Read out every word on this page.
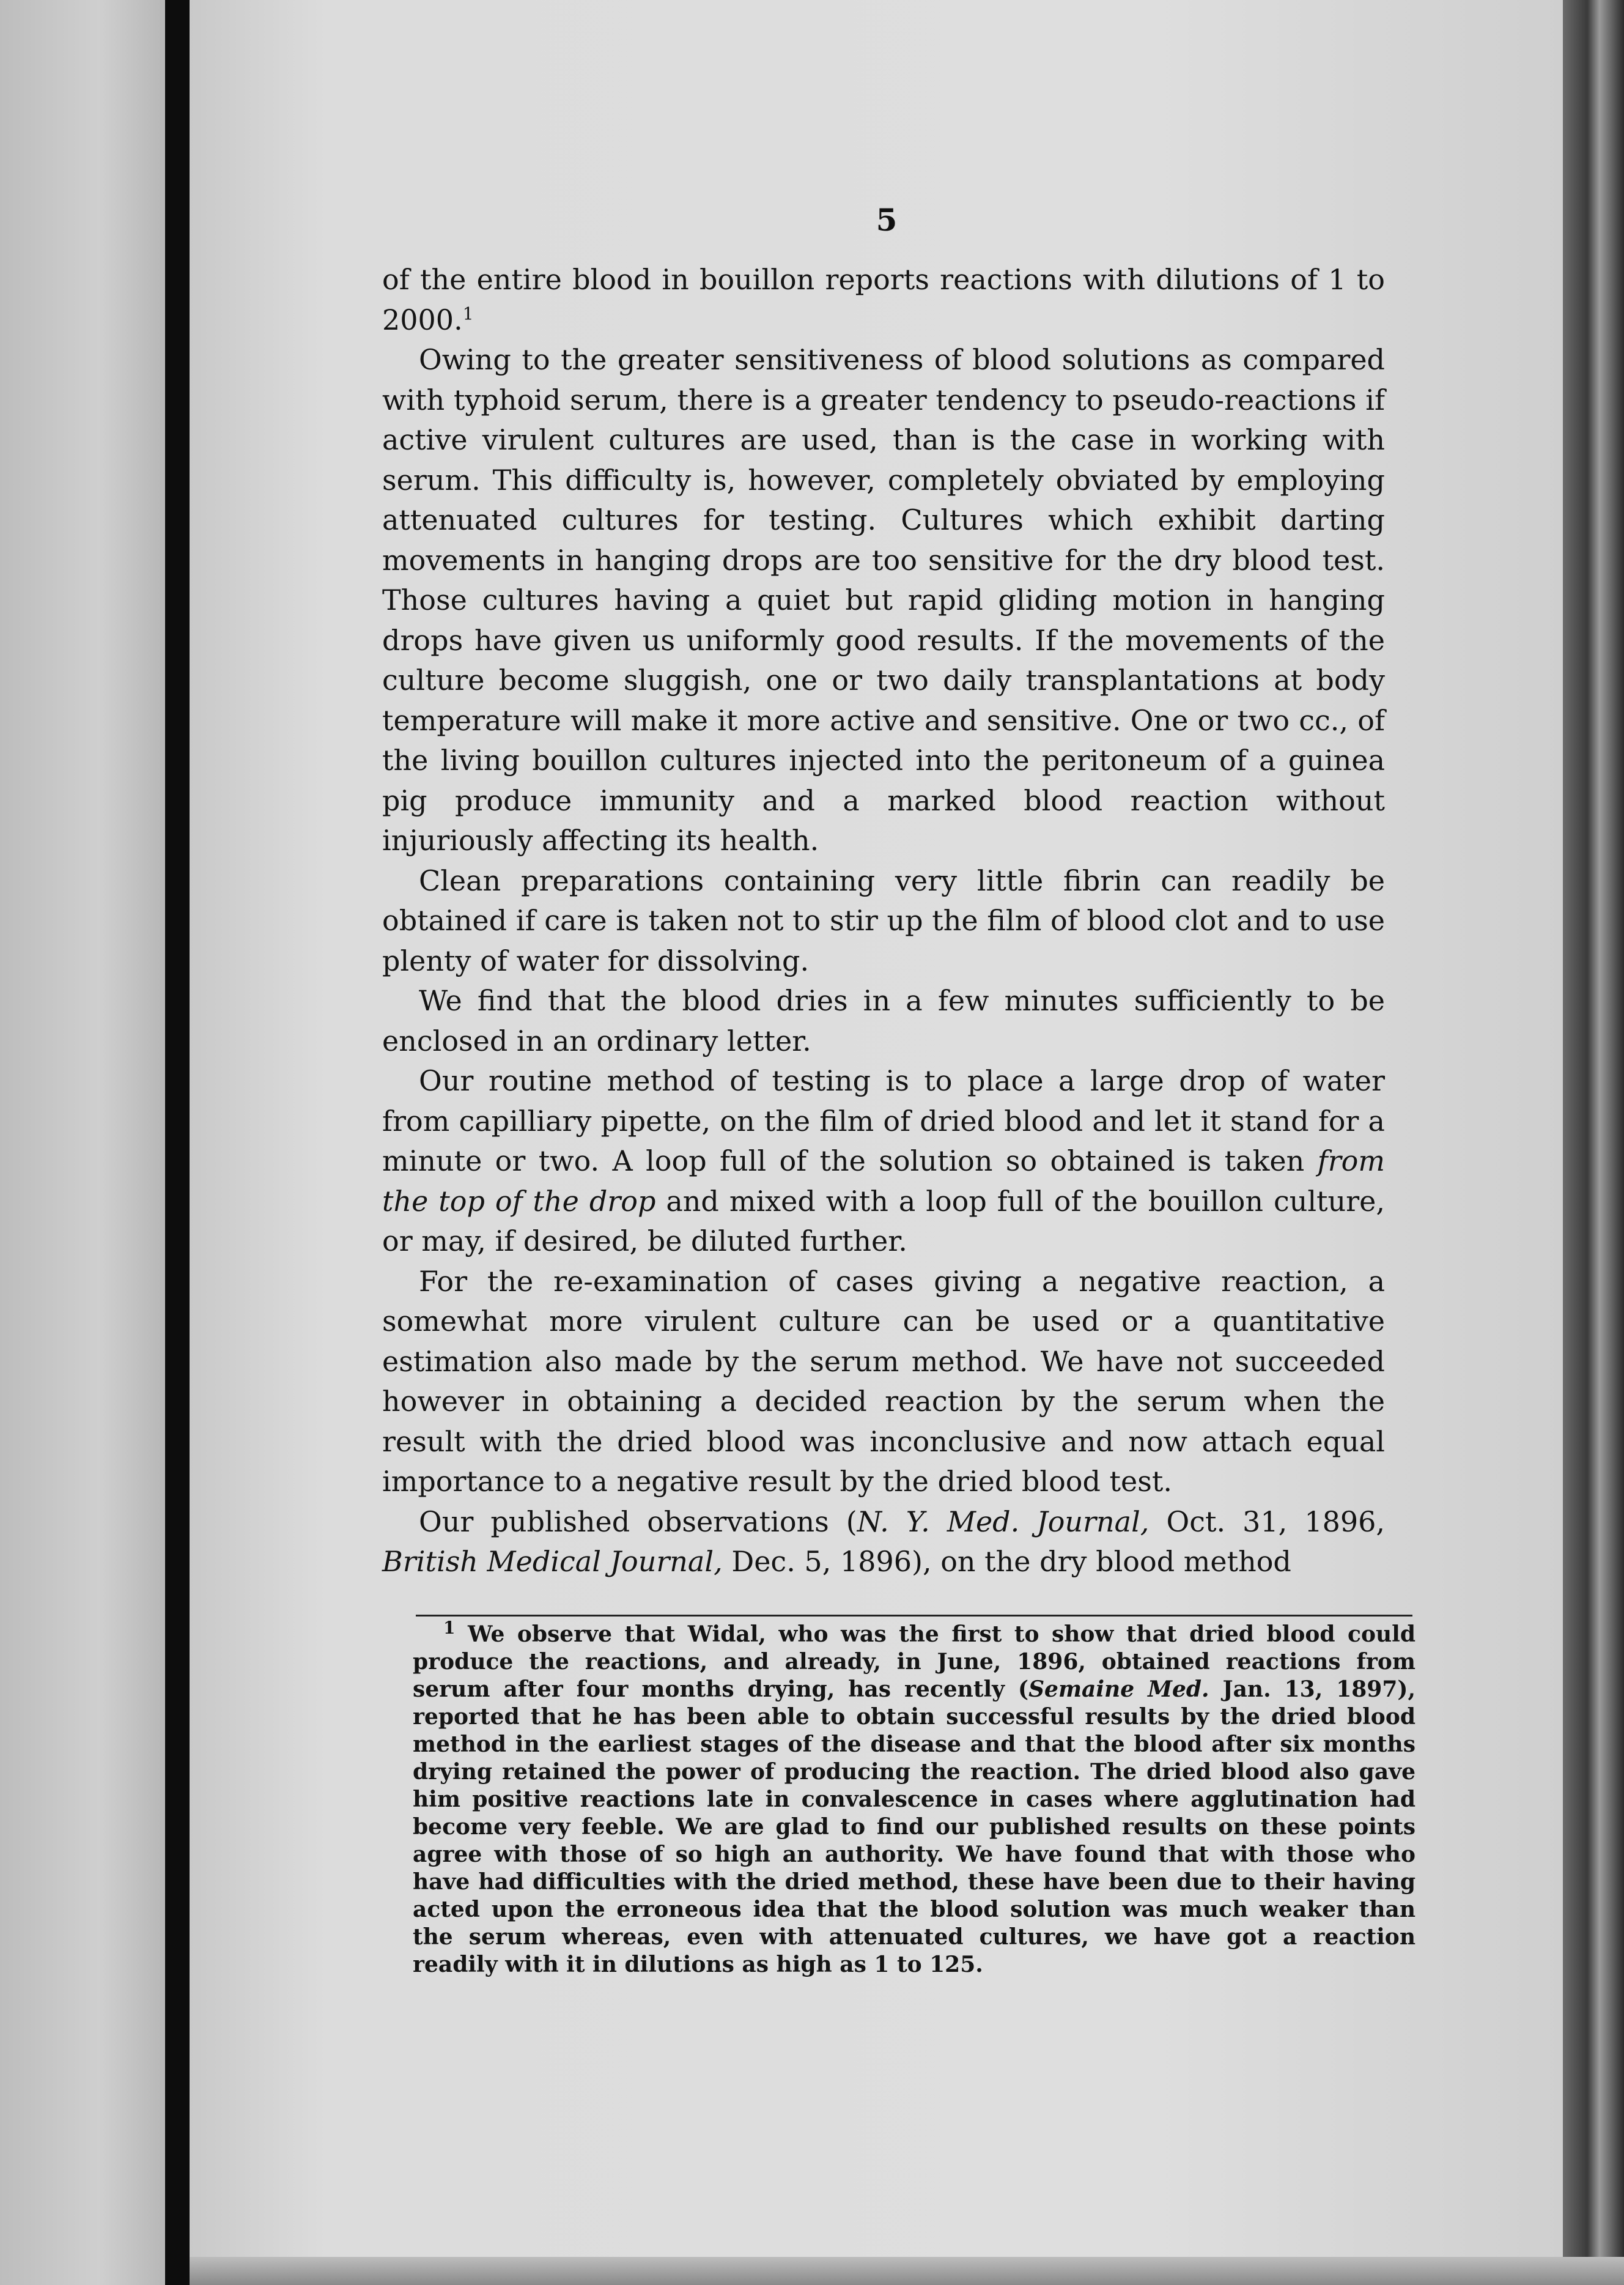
5

of the entire blood in bouillon reports reactions with dilutions of 1 to 2000.$^1$

Owing to the greater sensitiveness of blood solutions as compared with typhoid serum, there is a greater tendency to pseudo-reactions if active virulent cultures are used, than is the case in working with serum. This difficulty is, however, completely obviated by employing attenuated cultures for testing. Cultures which exhibit darting movements in hanging drops are too sensitive for the dry blood test. Those cultures having a quiet but rapid gliding motion in hanging drops have given us uniformly good results. If the movements of the culture become sluggish, one or two daily transplantations at body temperature will make it more active and sensitive. One or two cc., of the living bouillon cultures injected into the peritoneum of a guinea pig produce immunity and a marked blood reaction without injuriously affecting its health.

Clean preparations containing very little fibrin can readily be obtained if care is taken not to stir up the film of blood clot and to use plenty of water for dissolving.

We find that the blood dries in a few minutes sufficiently to be enclosed in an ordinary letter.

Our routine method of testing is to place a large drop of water from capilliary pipette, on the film of dried blood and let it stand for a minute or two. A loop full of the solution so obtained is taken from the top of the drop and mixed with a loop full of the bouillon culture, or may, if desired, be diluted further.

For the re-examination of cases giving a negative reaction, a somewhat more virulent culture can be used or a quantitative estimation also made by the serum method. We have not succeeded however in obtaining a decided reaction by the serum when the result with the dried blood was inconclusive and now attach equal importance to a negative result by the dried blood test.

Our published observations (N. Y. Med. Journal, Oct. 31, 1896, British Medical Journal, Dec. 5, 1896), on the dry blood method

$^1$ We observe that Widal, who was the first to show that dried blood could produce the reactions, and already, in June, 1896, obtained reactions from serum after four months drying, has recently (Semaine Med. Jan. 13, 1897), reported that he has been able to obtain successful results by the dried blood method in the earliest stages of the disease and that the blood after six months drying retained the power of producing the reaction. The dried blood also gave him positive reactions late in convalescence in cases where agglutination had become very feeble. We are glad to find our published results on these points agree with those of so high an authority. We have found that with those who have had difficulties with the dried method, these have been due to their having acted upon the erroneous idea that the blood solution was much weaker than the serum whereas, even with attenuated cultures, we have got a reaction readily with it in dilutions as high as 1 to 125.
